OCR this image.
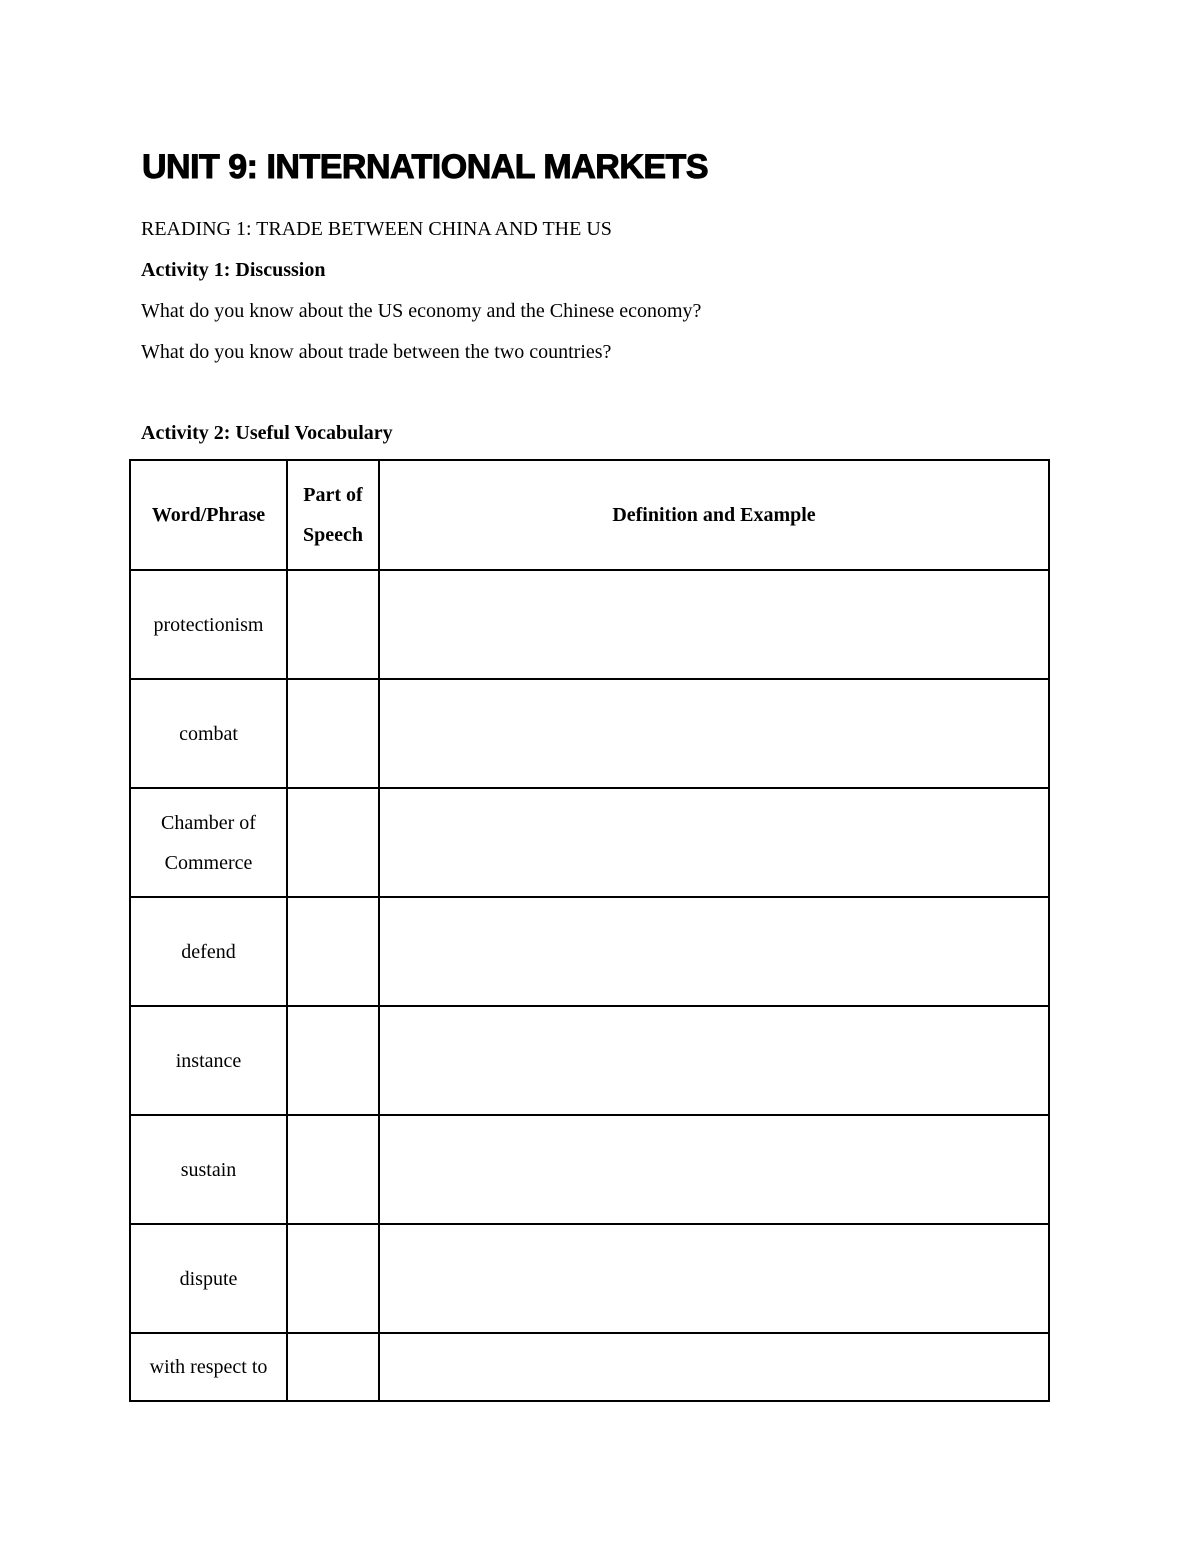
UNIT 9: INTERNATIONAL MARKETS

READING 1: TRADE BETWEEN CHINA AND THE US

Activity 1: Discussion

What do you know about the US economy and the Chinese economy?

What do you know about trade between the two countries?

Activity 2: Useful Vocabulary

Word/Phrase	Part of Speech	Definition and Example
protectionism		
combat		
Chamber of Commerce		
defend		
instance		
sustain		
dispute		
with respect to		
